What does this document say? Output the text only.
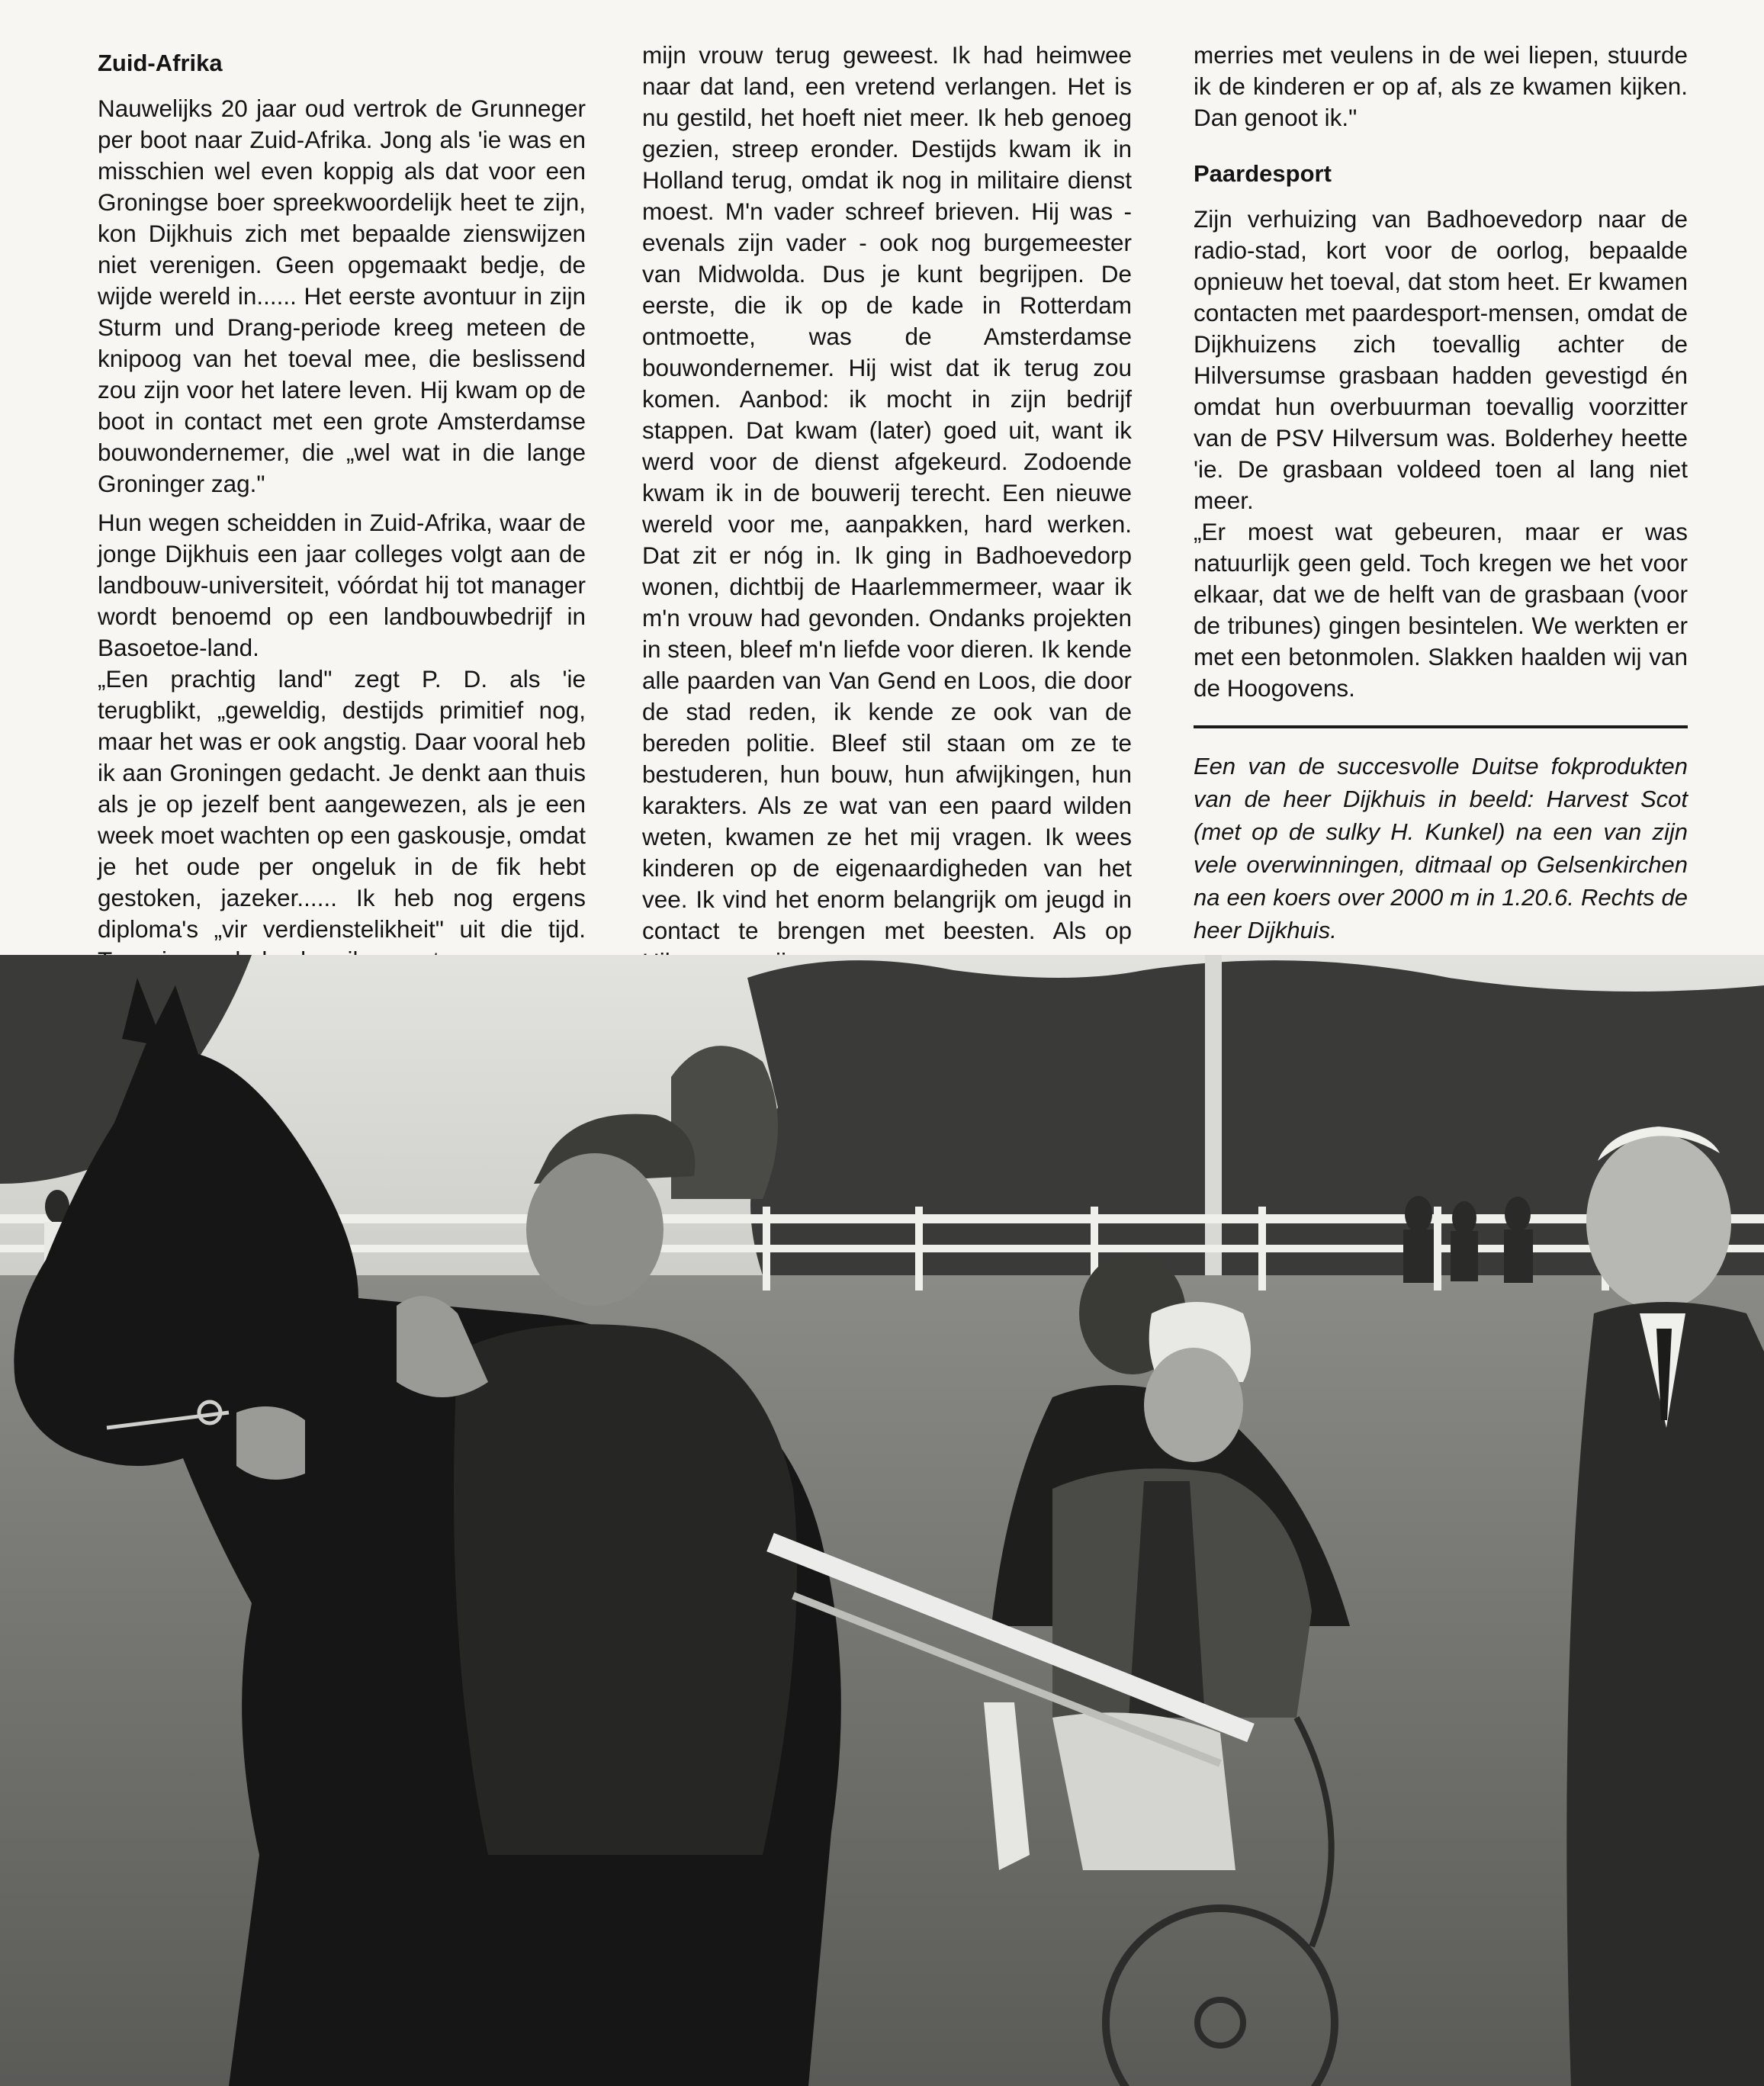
Zuid-Afrika

Nauwelijks 20 jaar oud vertrok de Grunneger per boot naar Zuid-Afrika. Jong als 'ie was en misschien wel even koppig als dat voor een Groningse boer spreekwoordelijk heet te zijn, kon Dijkhuis zich met bepaalde zienswijzen niet verenigen. Geen opgemaakt bedje, de wijde wereld in...... Het eerste avontuur in zijn Sturm und Drang-periode kreeg meteen de knipoog van het toeval mee, die beslissend zou zijn voor het latere leven. Hij kwam op de boot in contact met een grote Amsterdamse bouwondernemer, die „wel wat in die lange Groninger zag."

Hun wegen scheidden in Zuid-Afrika, waar de jonge Dijkhuis een jaar colleges volgt aan de landbouw-universiteit, vóórdat hij tot manager wordt benoemd op een landbouwbedrijf in Basoetoe-land.

„Een prachtig land" zegt P. D. als 'ie terugblikt, „geweldig, destijds primitief nog, maar het was er ook angstig. Daar vooral heb ik aan Groningen gedacht. Je denkt aan thuis als je op jezelf bent aangewezen, als je een week moet wachten op een gaskousje, omdat je het oude per ongeluk in de fik hebt gestoken, jazeker...... Ik heb nog ergens diploma's „vir verdienstelikheit" uit die tijd.

mijn vrouw terug geweest. Ik had heimwee naar dat land, een vretend verlangen. Het is nu gestild, het hoeft niet meer. Ik heb genoeg gezien, streep eronder. Destijds kwam ik in Holland terug, omdat ik nog in militaire dienst moest. M'n vader schreef brieven. Hij was - evenals zijn vader - ook nog burgemeester van Midwolda. Dus je kunt begrijpen. De eerste, die ik op de kade in Rotterdam ontmoette, was de Amsterdamse bouwondernemer. Hij wist dat ik terug zou komen. Aanbod: ik mocht in zijn bedrijf stappen. Dat kwam (later) goed uit, want ik werd voor de dienst afgekeurd. Zodoende kwam ik in de bouwerij terecht. Een nieuwe wereld voor me, aanpakken, hard werken. Dat zit er nóg in. Ik ging in Badhoevedorp wonen, dichtbij de Haarlemmermeer, waar ik m'n vrouw had gevonden. Ondanks projekten in steen, bleef m'n liefde voor dieren. Ik kende alle paarden van Van Gend en Loos, die door de stad reden, ik kende ze ook van de bereden politie. Bleef stil staan om ze te bestuderen, hun bouw, hun afwijkingen, hun karakters. Als ze wat van een paard wilden weten, kwamen ze het mij vragen. Ik wees kinderen op de eigenaardigheden van het vee. Ik vind het enorm belangrijk om jeugd in contact te brengen met beesten. Als op

merries met veulens in de wei liepen, stuurde ik de kinderen er op af, als ze kwamen kijken. Dan genoot ik."

Paardesport

Zijn verhuizing van Badhoevedorp naar de radio-stad, kort voor de oorlog, bepaalde opnieuw het toeval, dat stom heet. Er kwamen contacten met paardesport-mensen, omdat de Dijkhuizens zich toevallig achter de Hilversumse grasbaan hadden gevestigd én omdat hun overbuurman toevallig voorzitter van de PSV Hilversum was. Bolderhey heette 'ie. De grasbaan voldeed toen al lang niet meer.

„Er moest wat gebeuren, maar er was natuurlijk geen geld. Toch kregen we het voor elkaar, dat we de helft van de grasbaan (voor de tribunes) gingen besintelen. We werkten er met een betonmolen. Slakken haalden wij van de Hoogovens.

Een van de succesvolle Duitse fokprodukten van de heer Dijkhuis in beeld: Harvest Scot (met op de sulky H. Kunkel) na een van zijn vele overwinningen, ditmaal op Gelsenkirchen na een koers over 2000 m in 1.20.6. Rechts de heer Dijkhuis.
